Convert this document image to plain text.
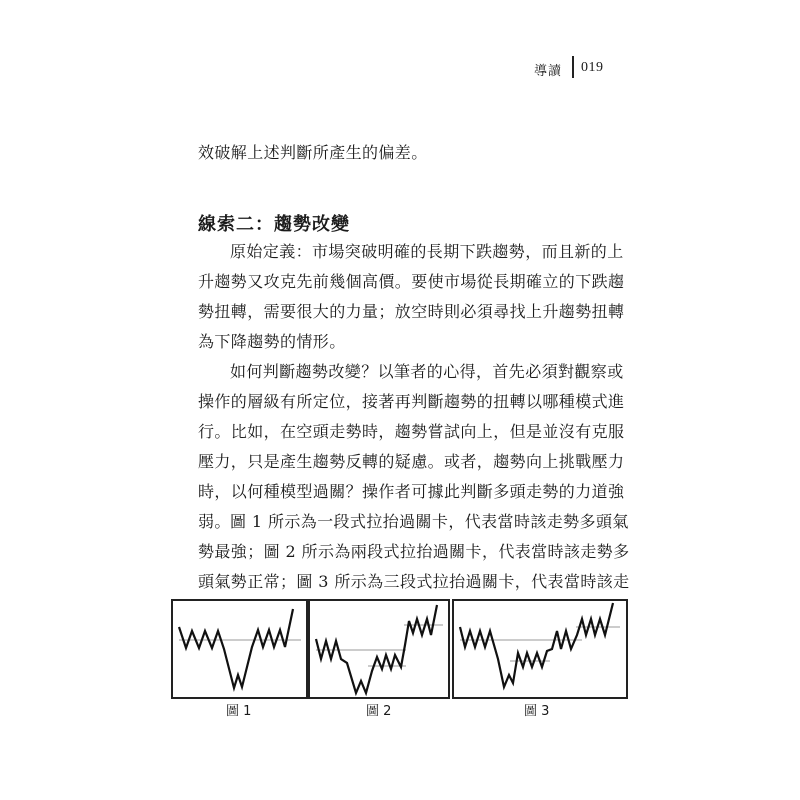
導讀 019
效破解上述判斷所產生的偏差。
線索二：趨勢改變
原始定義：市場突破明確的長期下跌趨勢，而且新的上
升趨勢又攻克先前幾個高價。要使市場從長期確立的下跌趨
勢扭轉，需要很大的力量；放空時則必須尋找上升趨勢扭轉
為下降趨勢的情形。
如何判斷趨勢改變？以筆者的心得，首先必須對觀察或
操作的層級有所定位，接著再判斷趨勢的扭轉以哪種模式進
行。比如，在空頭走勢時，趨勢嘗試向上，但是並沒有克服
壓力，只是產生趨勢反轉的疑慮。或者，趨勢向上挑戰壓力
時，以何種模型過關？操作者可據此判斷多頭走勢的力道強
弱。 圖 1 所示為一段式拉抬過關卡，代表當時該走勢多頭氣
勢最強；圖 2 所示為兩段式拉抬過關卡，代表當時該走勢多
頭氣勢正常；圖 3 所示為三段式拉抬過關卡，代表當時該走
圖 1	圖 2	圖 3
